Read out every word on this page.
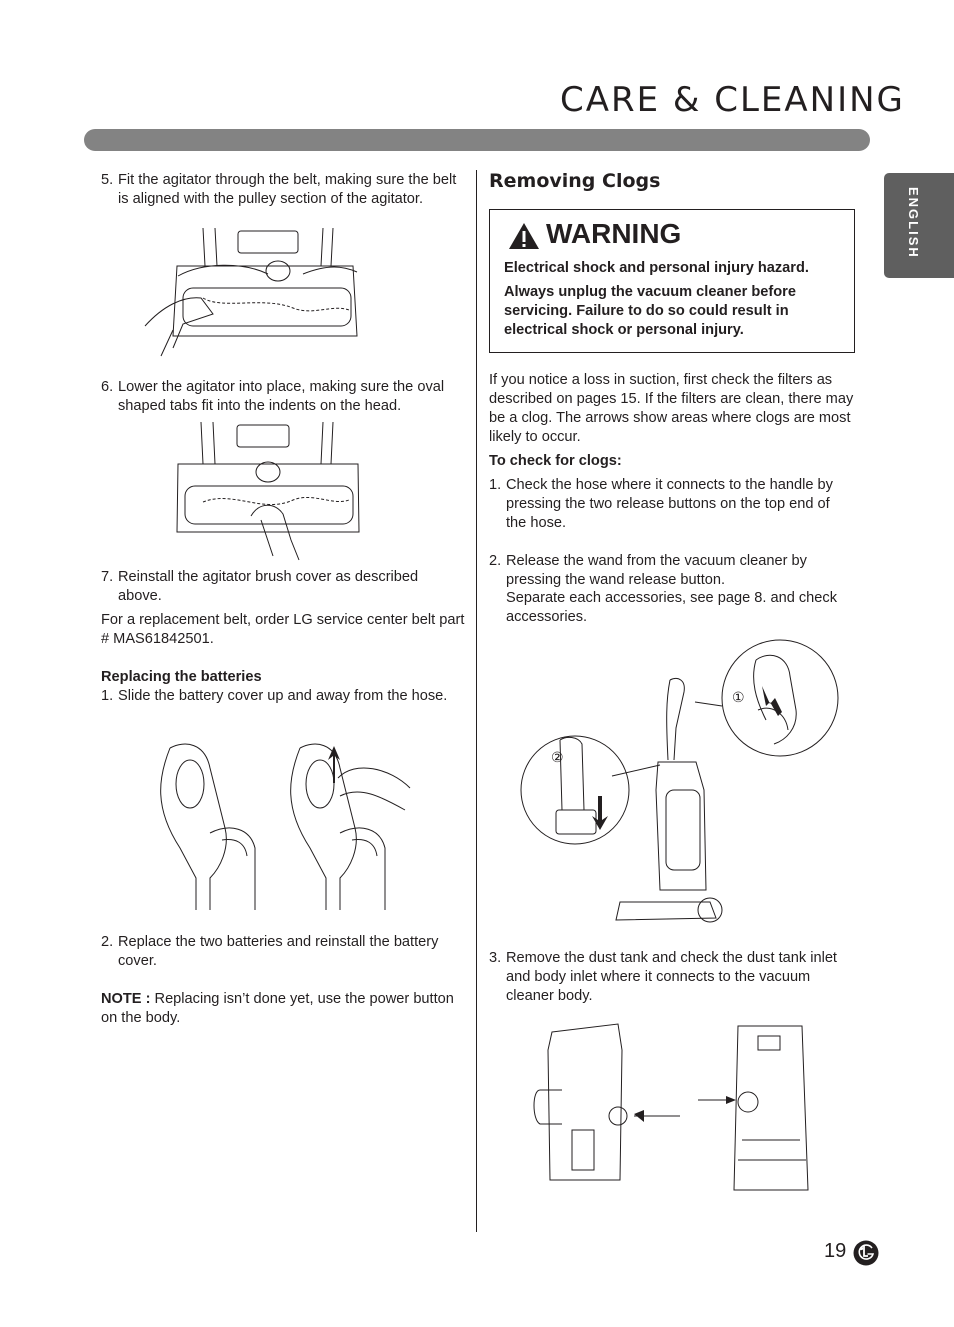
CARE & CLEANING
ENGLISH
5. Fit the agitator through the belt, making sure the belt is aligned with the pulley section of the agitator.
6. Lower the agitator into place, making sure the oval shaped tabs fit into the indents on the head.
7. Reinstall the agitator brush cover as described above.
For a replacement belt, order LG service center belt part # MAS61842501.
Replacing the batteries
1. Slide the battery cover up and away from the hose.
2. Replace the two batteries and reinstall the battery cover.
NOTE : Replacing isn’t done yet, use the power button on the body.
Removing Clogs
WARNING
Electrical shock and personal injury hazard.
Always unplug the vacuum cleaner before servicing. Failure to do so could result in electrical shock or personal injury.
If you notice a loss in suction, first check the filters as described on pages 15. If the filters are clean, there may be a clog. The arrows show areas where clogs are most likely to occur.
To check for clogs:
1. Check the hose where it connects to the handle by pressing the two release buttons on the top end of the hose.
2. Release the wand from the vacuum cleaner by pressing the wand release button.
Separate each accessories, see page 8. and check accessories.
①
②
3. Remove the dust tank and check the dust tank inlet and body inlet where it connects to the vacuum cleaner body.
19
